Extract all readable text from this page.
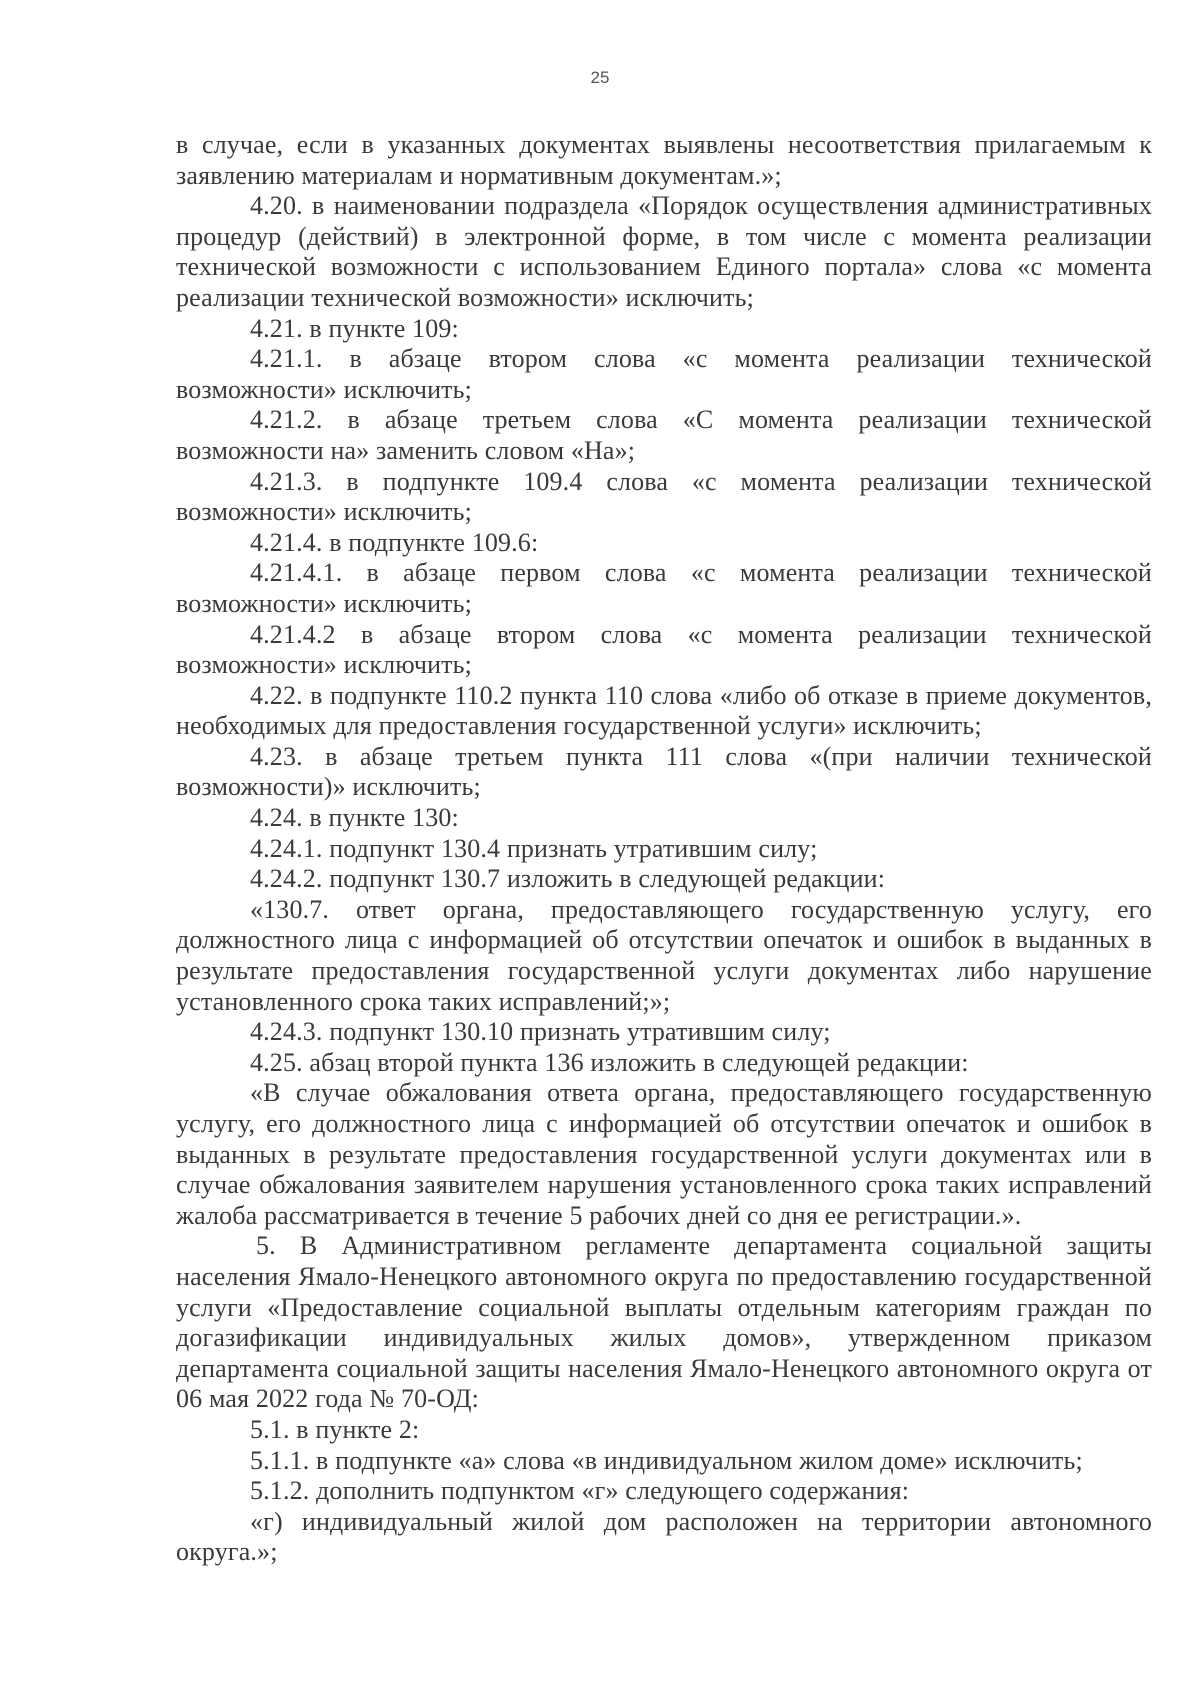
25

в случае, если в указанных документах выявлены несоответствия прилагаемым к заявлению материалам и нормативным документам.»;

4.20. в наименовании подраздела «Порядок осуществления административных процедур (действий) в электронной форме, в том числе с момента реализации технической возможности с использованием Единого портала» слова «с момента реализации технической возможности» исключить;

4.21. в пункте 109:

4.21.1. в абзаце втором слова «с момента реализации технической возможности» исключить;

4.21.2. в абзаце третьем слова «С момента реализации технической возможности на» заменить словом «На»;

4.21.3. в подпункте 109.4 слова «с момента реализации технической возможности» исключить;

4.21.4. в подпункте 109.6:

4.21.4.1. в абзаце первом слова «с момента реализации технической возможности» исключить;

4.21.4.2 в абзаце втором слова «с момента реализации технической возможности» исключить;

4.22. в подпункте 110.2 пункта 110 слова «либо об отказе в приеме документов, необходимых для предоставления государственной услуги» исключить;

4.23. в абзаце третьем пункта 111 слова «(при наличии технической возможности)» исключить;

4.24. в пункте 130:

4.24.1. подпункт 130.4 признать утратившим силу;

4.24.2. подпункт 130.7 изложить в следующей редакции:

«130.7. ответ органа, предоставляющего государственную услугу, его должностного лица с информацией об отсутствии опечаток и ошибок в выданных в результате предоставления государственной услуги документах либо нарушение установленного срока таких исправлений;»;

4.24.3. подпункт 130.10 признать утратившим силу;

4.25. абзац второй пункта 136 изложить в следующей редакции:

«В случае обжалования ответа органа, предоставляющего государственную услугу, его должностного лица с информацией об отсутствии опечаток и ошибок в выданных в результате предоставления государственной услуги документах или в случае обжалования заявителем нарушения установленного срока таких исправлений жалоба рассматривается в течение 5 рабочих дней со дня ее регистрации.».

5. В Административном регламенте департамента социальной защиты населения Ямало-Ненецкого автономного округа по предоставлению государственной услуги «Предоставление социальной выплаты отдельным категориям граждан по догазификации индивидуальных жилых домов», утвержденном приказом департамента социальной защиты населения Ямало-Ненецкого автономного округа от 06 мая 2022 года № 70-ОД:

5.1. в пункте 2:

5.1.1. в подпункте «а» слова «в индивидуальном жилом доме» исключить;

5.1.2. дополнить подпунктом «г» следующего содержания:

«г) индивидуальный жилой дом расположен на территории автономного округа.»;
